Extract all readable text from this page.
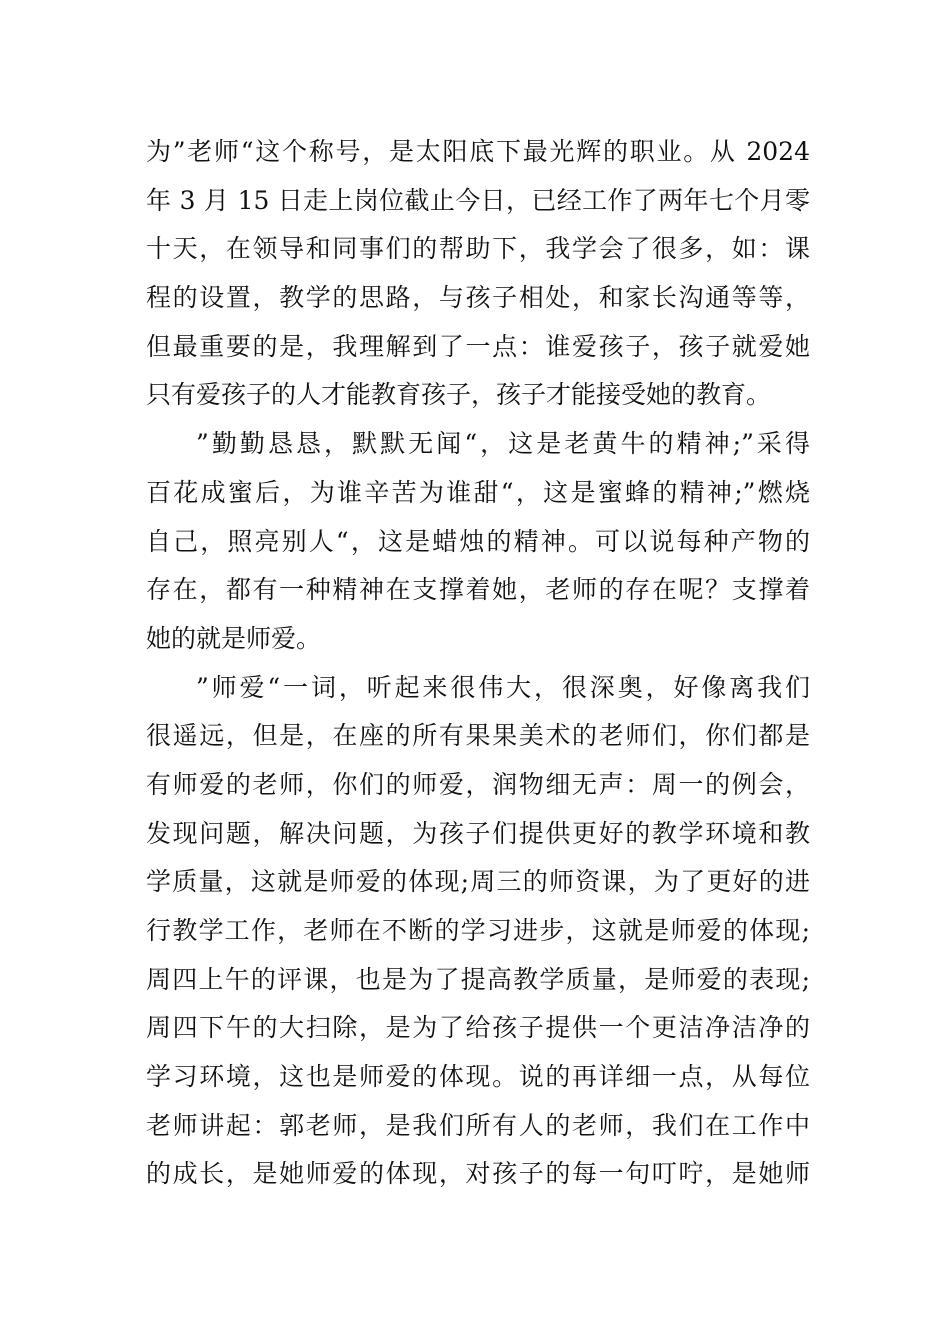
为”老师“这个称号，是太阳底下最光辉的职业。从 2024
年 3 月 15 日走上岗位截止今日，已经工作了两年七个月零
十天，在领导和同事们的帮助下，我学会了很多，如：课
程的设置，教学的思路，与孩子相处，和家长沟通等等，
但最重要的是，我理解到了一点：谁爱孩子，孩子就爱她
只有爱孩子的人才能教育孩子，孩子才能接受她的教育。
”勤勤恳恳，默默无闻“，这是老黄牛的精神;”采得
百花成蜜后，为谁辛苦为谁甜“，这是蜜蜂的精神;”燃烧
自己，照亮别人“，这是蜡烛的精神。可以说每种产物的
存在，都有一种精神在支撑着她，老师的存在呢？支撑着
她的就是师爱。
”师爱“一词，听起来很伟大，很深奥，好像离我们
很遥远，但是，在座的所有果果美术的老师们，你们都是
有师爱的老师，你们的师爱，润物细无声：周一的例会，
发现问题，解决问题，为孩子们提供更好的教学环境和教
学质量，这就是师爱的体现;周三的师资课，为了更好的进
行教学工作，老师在不断的学习进步，这就是师爱的体现;
周四上午的评课，也是为了提高教学质量，是师爱的表现;
周四下午的大扫除，是为了给孩子提供一个更洁净洁净的
学习环境，这也是师爱的体现。说的再详细一点，从每位
老师讲起：郭老师，是我们所有人的老师，我们在工作中
的成长，是她师爱的体现，对孩子的每一句叮咛，是她师
